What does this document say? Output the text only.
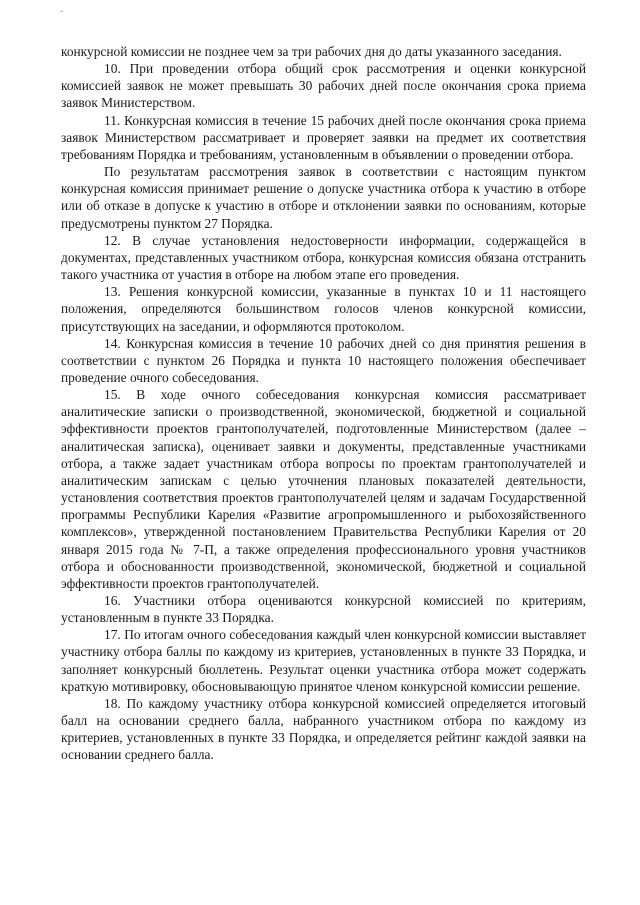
-

конкурсной комиссии не позднее чем за три рабочих дня до даты указанного заседания.

10. При проведении отбора общий срок рассмотрения и оценки конкурсной комиссией заявок не может превышать 30 рабочих дней после окончания срока приема заявок Министерством.

11. Конкурсная комиссия в течение 15 рабочих дней после окончания срока приема заявок Министерством рассматривает и проверяет заявки на предмет их соответствия требованиям Порядка и требованиям, установленным в объявлении о проведении отбора.

По результатам рассмотрения заявок в соответствии с настоящим пунктом конкурсная комиссия принимает решение о допуске участника отбора к участию в отборе или об отказе в допуске к участию в отборе и отклонении заявки по основаниям, которые предусмотрены пунктом 27 Порядка.

12. В случае установления недостоверности информации, содержащейся в документах, представленных участником отбора, конкурсная комиссия обязана отстранить такого участника от участия в отборе на любом этапе его проведения.

13. Решения конкурсной комиссии, указанные в пунктах 10 и 11 настоящего положения, определяются большинством голосов членов конкурсной комиссии, присутствующих на заседании, и оформляются протоколом.

14. Конкурсная комиссия в течение 10 рабочих дней со дня принятия решения в соответствии с пунктом 26 Порядка и пункта 10 настоящего положения обеспечивает проведение очного собеседования.

15. В ходе очного собеседования конкурсная комиссия рассматривает аналитические записки о производственной, экономической, бюджетной и социальной эффективности проектов грантополучателей, подготовленные Министерством (далее – аналитическая записка), оценивает заявки и документы, представленные участниками отбора, а также задает участникам отбора вопросы по проектам грантополучателей и аналитическим запискам с целью уточнения плановых показателей деятельности, установления соответствия проектов грантополучателей целям и задачам Государственной программы Республики Карелия «Развитие агропромышленного и рыбохозяйственного комплексов», утвержденной постановлением Правительства Республики Карелия от 20 января 2015 года № 7-П, а также определения профессионального уровня участников отбора и обоснованности производственной, экономической, бюджетной и социальной эффективности проектов грантополучателей.

16. Участники отбора оцениваются конкурсной комиссией по критериям, установленным в пункте 33 Порядка.

17. По итогам очного собеседования каждый член конкурсной комиссии выставляет участнику отбора баллы по каждому из критериев, установленных в пункте 33 Порядка, и заполняет конкурсный бюллетень. Результат оценки участника отбора может содержать краткую мотивировку, обосновывающую принятое членом конкурсной комиссии решение.

18. По каждому участнику отбора конкурсной комиссией определяется итоговый балл на основании среднего балла, набранного участником отбора по каждому из критериев, установленных в пункте 33 Порядка, и определяется рейтинг каждой заявки на основании среднего балла.
